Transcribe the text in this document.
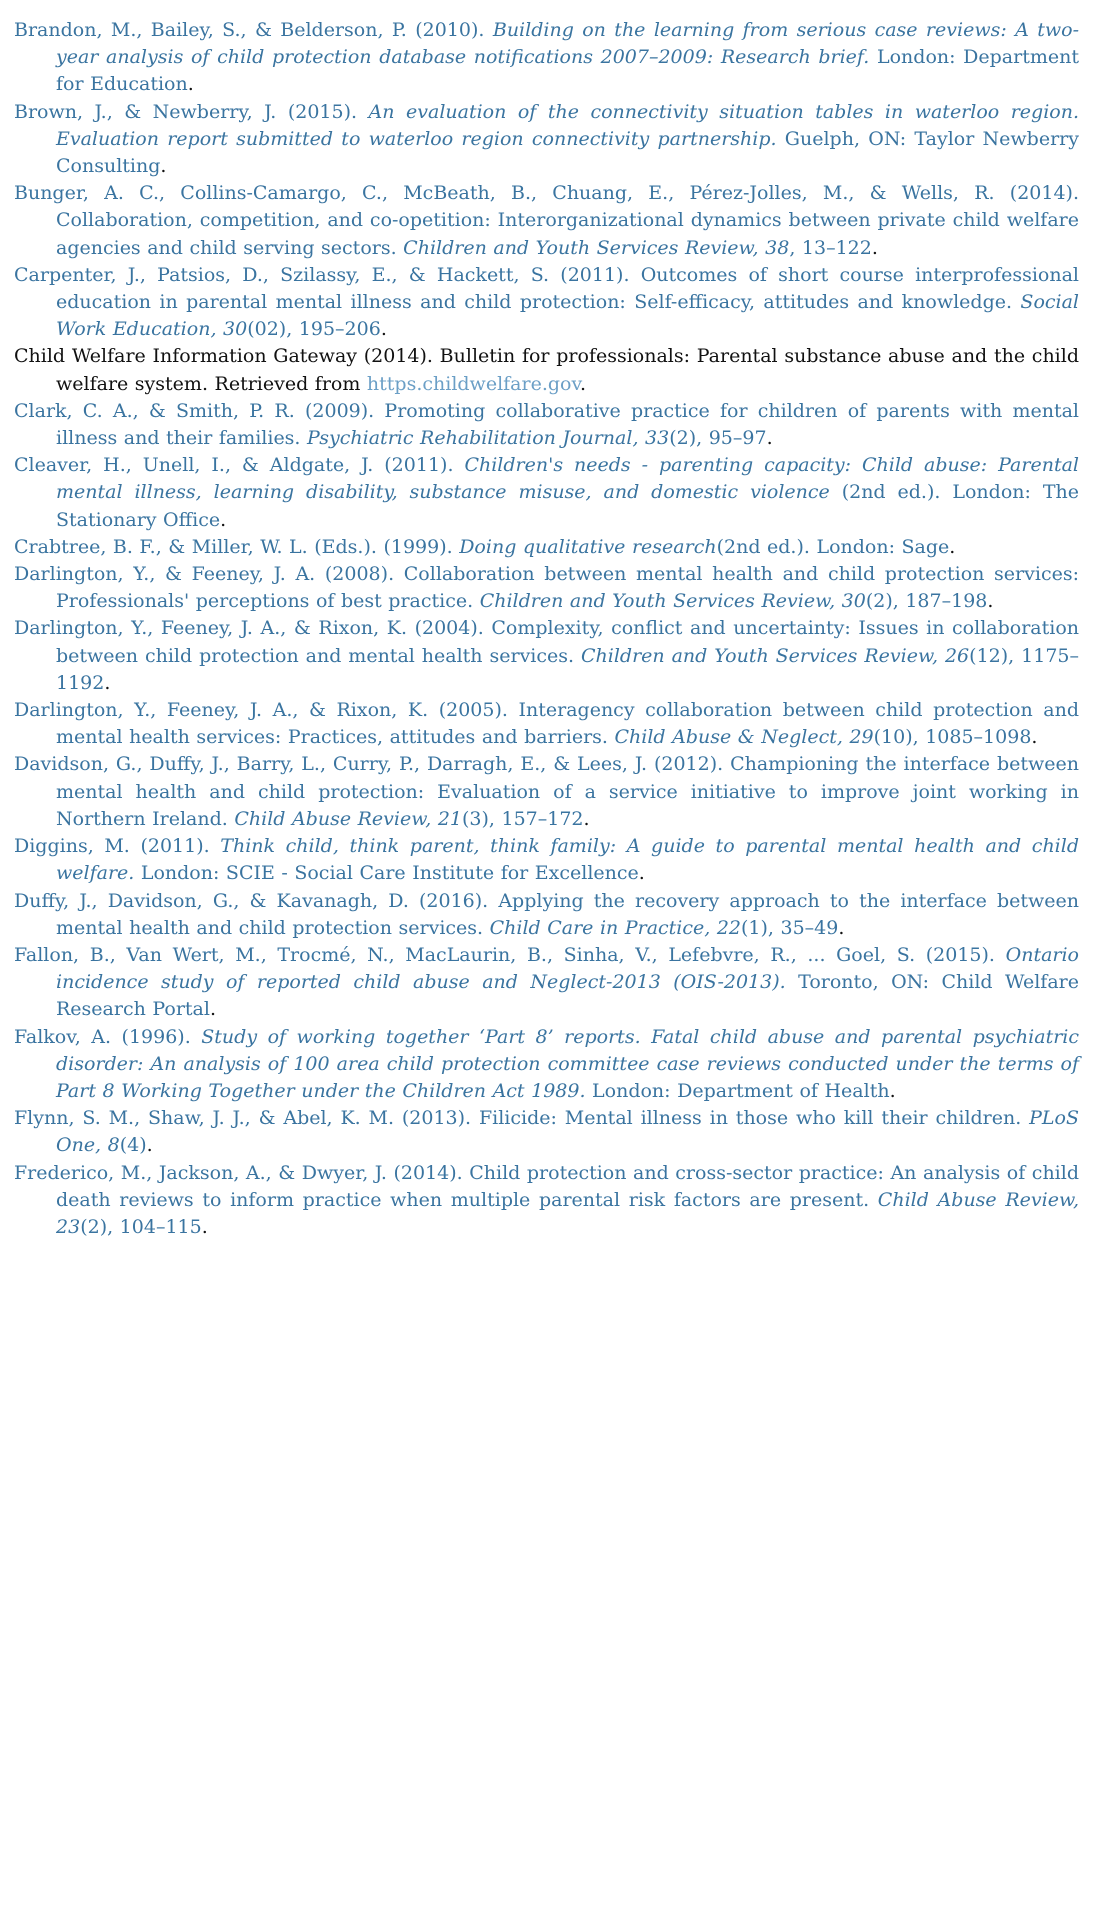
Brandon, M., Bailey, S., & Belderson, P. (2010). Building on the learning from serious case reviews: A two-year analysis of child protection database notifications 2007–2009: Research brief. London: Department for Education.

Brown, J., & Newberry, J. (2015). An evaluation of the connectivity situation tables in waterloo region. Evaluation report submitted to waterloo region connectivity partnership. Guelph, ON: Taylor Newberry Consulting.

Bunger, A. C., Collins-Camargo, C., McBeath, B., Chuang, E., Pérez-Jolles, M., & Wells, R. (2014). Collaboration, competition, and co-opetition: Interorganizational dynamics between private child welfare agencies and child serving sectors. Children and Youth Services Review, 38, 13–122.

Carpenter, J., Patsios, D., Szilassy, E., & Hackett, S. (2011). Outcomes of short course interprofessional education in parental mental illness and child protection: Self-efficacy, attitudes and knowledge. Social Work Education, 30(02), 195–206.

Child Welfare Information Gateway (2014). Bulletin for professionals: Parental substance abuse and the child welfare system. Retrieved from https.childwelfare.gov.

Clark, C. A., & Smith, P. R. (2009). Promoting collaborative practice for children of parents with mental illness and their families. Psychiatric Rehabilitation Journal, 33(2), 95–97.

Cleaver, H., Unell, I., & Aldgate, J. (2011). Children's needs - parenting capacity: Child abuse: Parental mental illness, learning disability, substance misuse, and domestic violence (2nd ed.). London: The Stationary Office.

Crabtree, B. F., & Miller, W. L. (Eds.). (1999). Doing qualitative research(2nd ed.). London: Sage.

Darlington, Y., & Feeney, J. A. (2008). Collaboration between mental health and child protection services: Professionals' perceptions of best practice. Children and Youth Services Review, 30(2), 187–198.

Darlington, Y., Feeney, J. A., & Rixon, K. (2004). Complexity, conflict and uncertainty: Issues in collaboration between child protection and mental health services. Children and Youth Services Review, 26(12), 1175–1192.

Darlington, Y., Feeney, J. A., & Rixon, K. (2005). Interagency collaboration between child protection and mental health services: Practices, attitudes and barriers. Child Abuse & Neglect, 29(10), 1085–1098.

Davidson, G., Duffy, J., Barry, L., Curry, P., Darragh, E., & Lees, J. (2012). Championing the interface between mental health and child protection: Evaluation of a service initiative to improve joint working in Northern Ireland. Child Abuse Review, 21(3), 157–172.

Diggins, M. (2011). Think child, think parent, think family: A guide to parental mental health and child welfare. London: SCIE - Social Care Institute for Excellence.

Duffy, J., Davidson, G., & Kavanagh, D. (2016). Applying the recovery approach to the interface between mental health and child protection services. Child Care in Practice, 22(1), 35–49.

Fallon, B., Van Wert, M., Trocmé, N., MacLaurin, B., Sinha, V., Lefebvre, R., ... Goel, S. (2015). Ontario incidence study of reported child abuse and Neglect-2013 (OIS-2013). Toronto, ON: Child Welfare Research Portal.

Falkov, A. (1996). Study of working together ‘Part 8’ reports. Fatal child abuse and parental psychiatric disorder: An analysis of 100 area child protection committee case reviews conducted under the terms of Part 8 Working Together under the Children Act 1989. London: Department of Health.

Flynn, S. M., Shaw, J. J., & Abel, K. M. (2013). Filicide: Mental illness in those who kill their children. PLoS One, 8(4).

Frederico, M., Jackson, A., & Dwyer, J. (2014). Child protection and cross-sector practice: An analysis of child death reviews to inform practice when multiple parental risk factors are present. Child Abuse Review, 23(2), 104–115.
